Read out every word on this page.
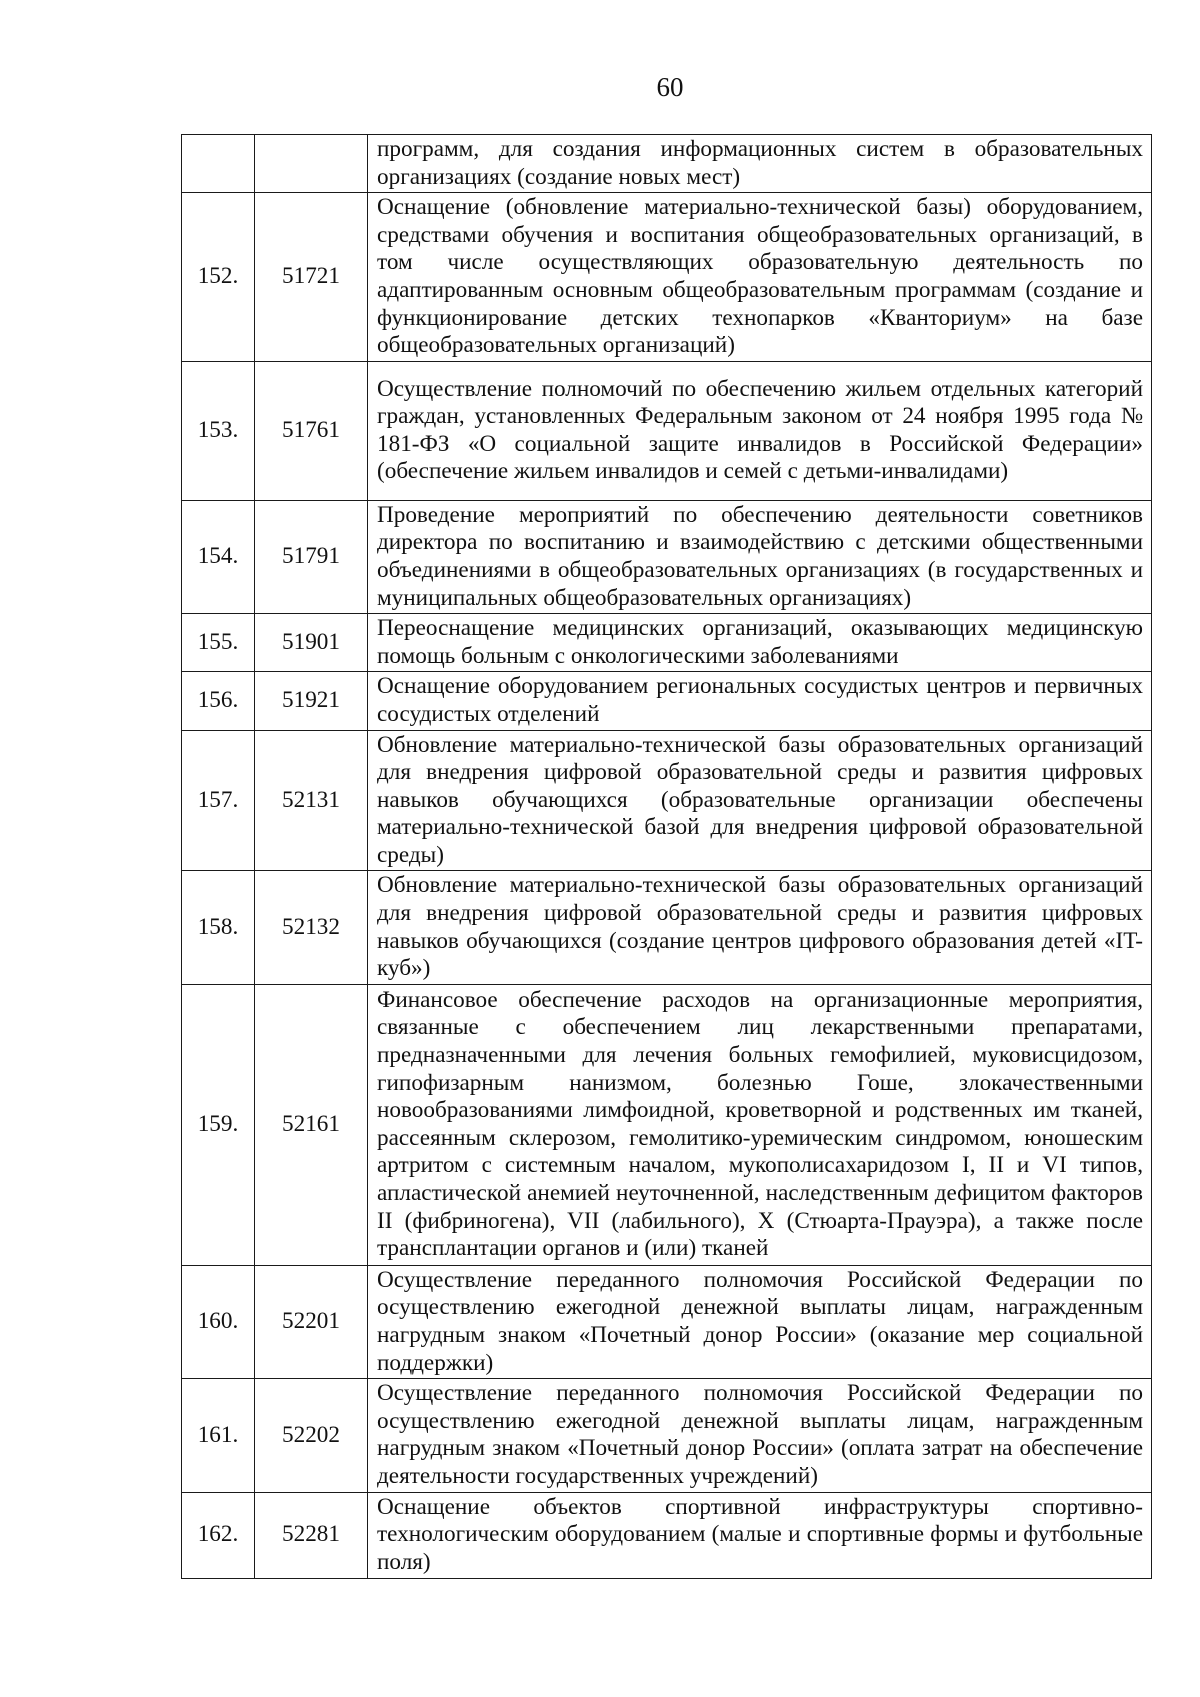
60
		программ, для создания информационных систем в образовательных организациях (создание новых мест)
152.	51721	Оснащение (обновление материально-технической базы) оборудованием, средствами обучения и воспитания общеобразовательных организаций, в том числе осуществляющих образовательную деятельность по адаптированным основным общеобразовательным программам (создание и функционирование детских технопарков «Кванториум» на базе общеобразовательных организаций)
153.	51761	Осуществление полномочий по обеспечению жильем отдельных категорий граждан, установленных Федеральным законом от 24 ноября 1995 года № 181-ФЗ «О социальной защите инвалидов в Российской Федерации» (обеспечение жильем инвалидов и семей с детьми-инвалидами)
154.	51791	Проведение мероприятий по обеспечению деятельности советников директора по воспитанию и взаимодействию с детскими общественными объединениями в общеобразовательных организациях (в государственных и муниципальных общеобразовательных организациях)
155.	51901	Переоснащение медицинских организаций, оказывающих медицинскую помощь больным с онкологическими заболеваниями
156.	51921	Оснащение оборудованием региональных сосудистых центров и первичных сосудистых отделений
157.	52131	Обновление материально-технической базы образовательных организаций для внедрения цифровой образовательной среды и развития цифровых навыков обучающихся (образовательные организации обеспечены материально-технической базой для внедрения цифровой образовательной среды)
158.	52132	Обновление материально-технической базы образовательных организаций для внедрения цифровой образовательной среды и развития цифровых навыков обучающихся (создание центров цифрового образования детей «IT-куб»)
159.	52161	Финансовое обеспечение расходов на организационные мероприятия, связанные с обеспечением лиц лекарственными препаратами, предназначенными для лечения больных гемофилией, муковисцидозом, гипофизарным нанизмом, болезнью Гоше, злокачественными новообразованиями лимфоидной, кроветворной и родственных им тканей, рассеянным склерозом, гемолитико-уремическим синдромом, юношеским артритом с системным началом, мукополисахаридозом I, II и VI типов, апластической анемией неуточненной, наследственным дефицитом факторов II (фибриногена), VII (лабильного), X (Стюарта-Прауэра), а также после трансплантации органов и (или) тканей
160.	52201	Осуществление переданного полномочия Российской Федерации по осуществлению ежегодной денежной выплаты лицам, награжденным нагрудным знаком «Почетный донор России» (оказание мер социальной поддержки)
161.	52202	Осуществление переданного полномочия Российской Федерации по осуществлению ежегодной денежной выплаты лицам, награжденным нагрудным знаком «Почетный донор России» (оплата затрат на обеспечение деятельности государственных учреждений)
162.	52281	Оснащение объектов спортивной инфраструктуры спортивно-технологическим оборудованием (малые и спортивные формы и футбольные поля)
